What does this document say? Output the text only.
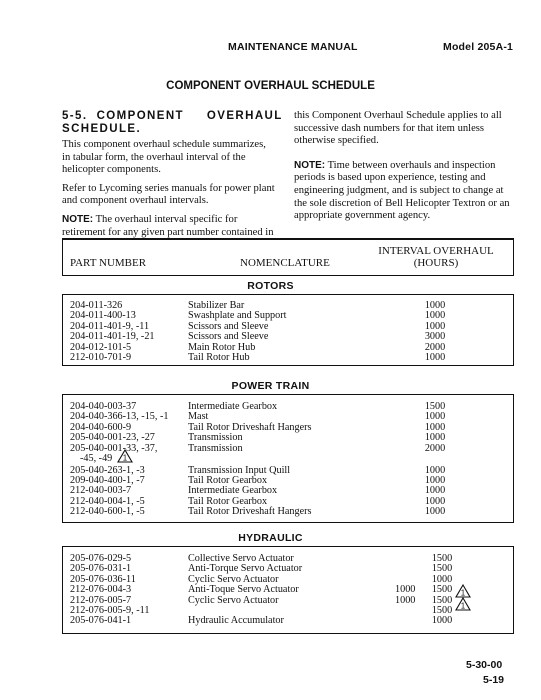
MAINTENANCE MANUAL	Model 205A-1
COMPONENT OVERHAUL SCHEDULE
5-5.  COMPONENT     OVERHAUL
SCHEDULE.

This component overhaul schedule summarizes, in tabular form, the overhaul interval of the helicopter components.

Refer to Lycoming series manuals for power plant and component overhaul intervals.

NOTE: The overhaul interval specific for retirement for any given part number contained in

this Component Overhaul Schedule applies to all successive dash numbers for that item unless otherwise specified.

NOTE: Time between overhauls and inspection periods is based upon experience, testing and engineering judgment, and is subject to change at the sole discretion of Bell Helicopter Textron or an appropriate government agency.

PART NUMBER	NOMENCLATURE
INTERVAL OVERHAUL
(HOURS)
ROTORS
204-011-326	Stabilizer Bar	1000
204-011-400-13	Swashplate and Support	1000
204-011-401-9, -11	Scissors and Sleeve	1000
204-011-401-19, -21	Scissors and Sleeve	3000
204-012-101-5	Main Rotor Hub	2000
212-010-701-9	Tail Rotor Hub	1000
POWER TRAIN
204-040-003-37	Intermediate Gearbox	1500
204-040-366-13, -15, -1 Mast	1000
204-040-600-9	Tail Rotor Driveshaft Hangers	1000
205-040-001-23, -27	Transmission	1000
205-040-001-33, -37,	Transmission	2000
-45, -49 1
205-040-263-1, -3	Transmission Input Quill	1000
209-040-400-1, -7	Tail Rotor Gearbox	1000
212-040-003-7	Intermediate Gearbox	1000
212-040-004-1, -5	Tail Rotor Gearbox	1000
212-040-600-1, -5	Tail Rotor Driveshaft Hangers	1000
HYDRAULIC
205-076-029-5	Collective Servo Actuator	1500
205-076-031-1	Anti-Torque Servo Actuator	1500
205-076-036-11	Cyclic Servo Actuator	1000
212-076-004-3	Anti-Toque Servo Actuator	1000	1500	1
212-076-005-7	Cyclic Servo Actuator	1000	1500	1
212-076-005-9, -11	1500
205-076-041-1	Hydraulic Accumulator	1000
5-30-00
5-19
